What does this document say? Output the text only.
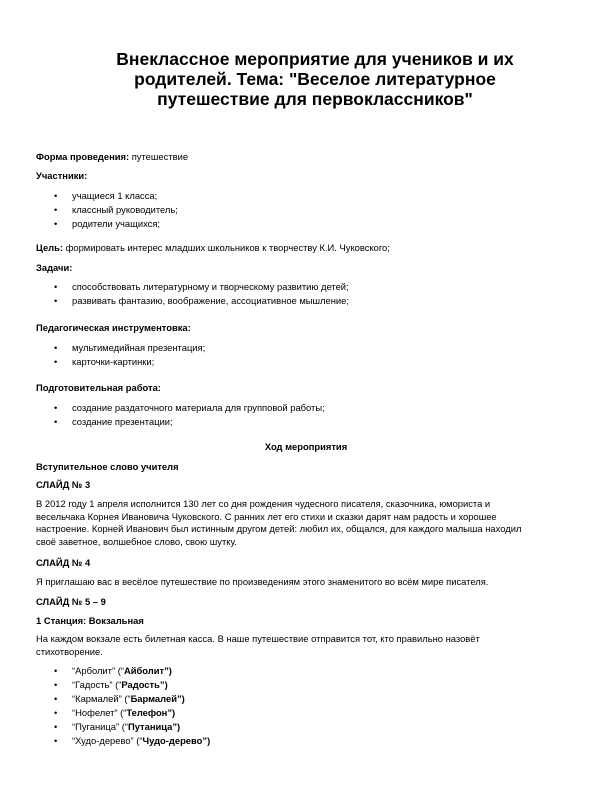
Внеклассное мероприятие для учеников и их
родителей. Тема: "Веселое литературное
путешествие для первоклассников"
Форма проведения: путешествие
Участники:
• учащиеся 1 класса;
• классный руководитель;
• родители учащихся;
Цель: формировать интерес младших школьников к творчеству К.И. Чуковского;
Задачи:
• способствовать литературному и творческому развитию детей;
• развивать фантазию, воображение, ассоциативное мышление;
Педагогическая инструментовка:
• мультимедийная презентация;
• карточки-картинки;
Подготовительная работа:
• создание раздаточного материала для групповой работы;
• создание презентации;
Ход мероприятия
Вступительное слово учителя
СЛАЙД № 3
В 2012 году 1 апреля исполнится 130 лет со дня рождения чудесного писателя, сказочника, юмориста и
весельчака Корнея Ивановича Чуковского. С ранних лет его стихи и сказки дарят нам радость и хорошее
настроение. Корней Иванович был истинным другом детей: любил их, общался, для каждого малыша находил
своё заветное, волшебное слово, свою шутку.
СЛАЙД № 4
Я приглашаю вас в весёлое путешествие по произведениям этого знаменитого во всём мире писателя.
СЛАЙД № 5 – 9
1 Станция: Вокзальная
На каждом вокзале есть билетная касса. В наше путешествие отправится тот, кто правильно назовёт
стихотворение.
• “Арболит” (“Айболит”)
• “Гадость” (“Радость”)
• “Кармалей” (“Бармалей”)
• “Нофелет” (“Телефон”)
• “Пуганица” (“Путаница”)
• “Худо-дерево” (“Чудо-дерево”)
